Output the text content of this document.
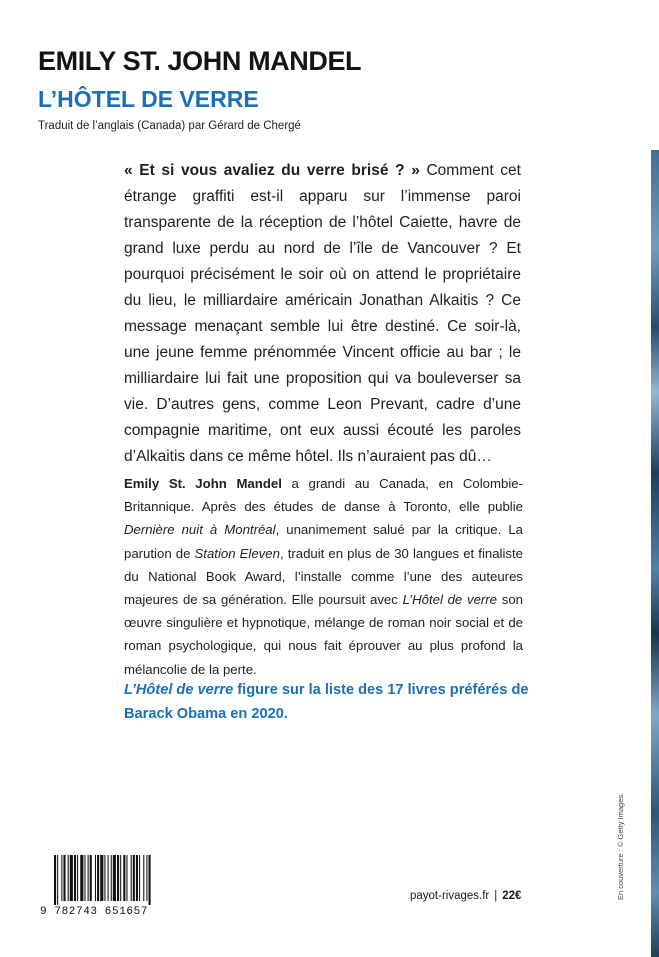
EMILY ST. JOHN MANDEL
L’HÔTEL DE VERRE

Traduit de l’anglais (Canada) par Gérard de Chergé

« Et si vous avaliez du verre brisé ? » Comment cet étrange graffiti est-il apparu sur l’immense paroi transparente de la réception de l’hôtel Caiette, havre de grand luxe perdu au nord de l’île de Vancouver ? Et pourquoi précisément le soir où on attend le propriétaire du lieu, le milliardaire américain Jonathan Alkaitis ? Ce message menaçant semble lui être destiné. Ce soir-là, une jeune femme prénommée Vincent officie au bar ; le milliardaire lui fait une proposition qui va bouleverser sa vie. D’autres gens, comme Leon Prevant, cadre d’une compagnie maritime, ont eux aussi écouté les paroles d’Alkaitis dans ce même hôtel. Ils n’auraient pas dû…

Emily St. John Mandel a grandi au Canada, en Colombie-Britannique. Après des études de danse à Toronto, elle publie Dernière nuit à Montréal, unanimement salué par la critique. La parution de Station Eleven, traduit en plus de 30 langues et finaliste du National Book Award, l’installe comme l’une des auteures majeures de sa génération. Elle poursuit avec L’Hôtel de verre son œuvre singulière et hypnotique, mélange de roman noir social et de roman psychologique, qui nous fait éprouver au plus profond la mélancolie de la perte.

L’Hôtel de verre figure sur la liste des 17 livres préférés de Barack Obama en 2020.

9 782743 651657
payot-rivages.fr | 22€	En couverture : © Getty Images.
